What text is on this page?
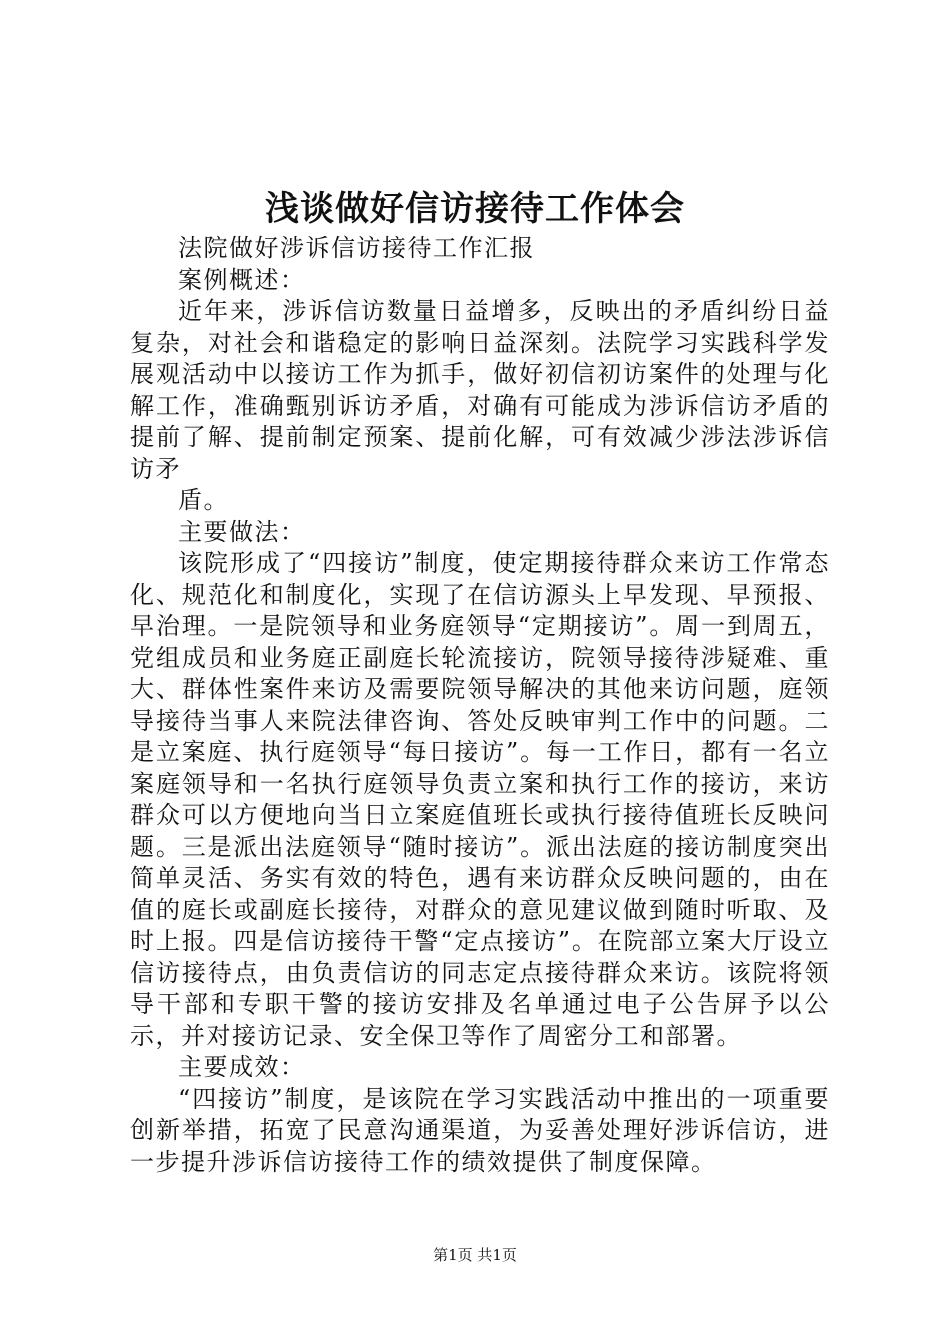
浅谈做好信访接待工作体会

法院做好涉诉信访接待工作汇报

案例概述：

近年来，涉诉信访数量日益增多，反映出的矛盾纠纷日益复杂，对社会和谐稳定的影响日益深刻。法院学习实践科学发展观活动中以接访工作为抓手，做好初信初访案件的处理与化解工作，准确甄别诉访矛盾，对确有可能成为涉诉信访矛盾的提前了解、提前制定预案、提前化解，可有效减少涉法涉诉信访矛

盾。

主要做法：

该院形成了“四接访”制度，使定期接待群众来访工作常态化、规范化和制度化，实现了在信访源头上早发现、早预报、早治理。一是院领导和业务庭领导“定期接访”。周一到周五，党组成员和业务庭正副庭长轮流接访，院领导接待涉疑难、重大、群体性案件来访及需要院领导解决的其他来访问题，庭领导接待当事人来院法律咨询、答处反映审判工作中的问题。二是立案庭、执行庭领导“每日接访”。每一工作日，都有一名立案庭领导和一名执行庭领导负责立案和执行工作的接访，来访群众可以方便地向当日立案庭值班长或执行接待值班长反映问题。三是派出法庭领导“随时接访”。派出法庭的接访制度突出简单灵活、务实有效的特色，遇有来访群众反映问题的，由在值的庭长或副庭长接待，对群众的意见建议做到随时听取、及时上报。四是信访接待干警“定点接访”。在院部立案大厅设立信访接待点，由负责信访的同志定点接待群众来访。该院将领导干部和专职干警的接访安排及名单通过电子公告屏予以公示，并对接访记录、安全保卫等作了周密分工和部署。

主要成效：

“四接访”制度，是该院在学习实践活动中推出的一项重要创新举措，拓宽了民意沟通渠道，为妥善处理好涉诉信访，进一步提升涉诉信访接待工作的绩效提供了制度保障。

第1页 共1页
